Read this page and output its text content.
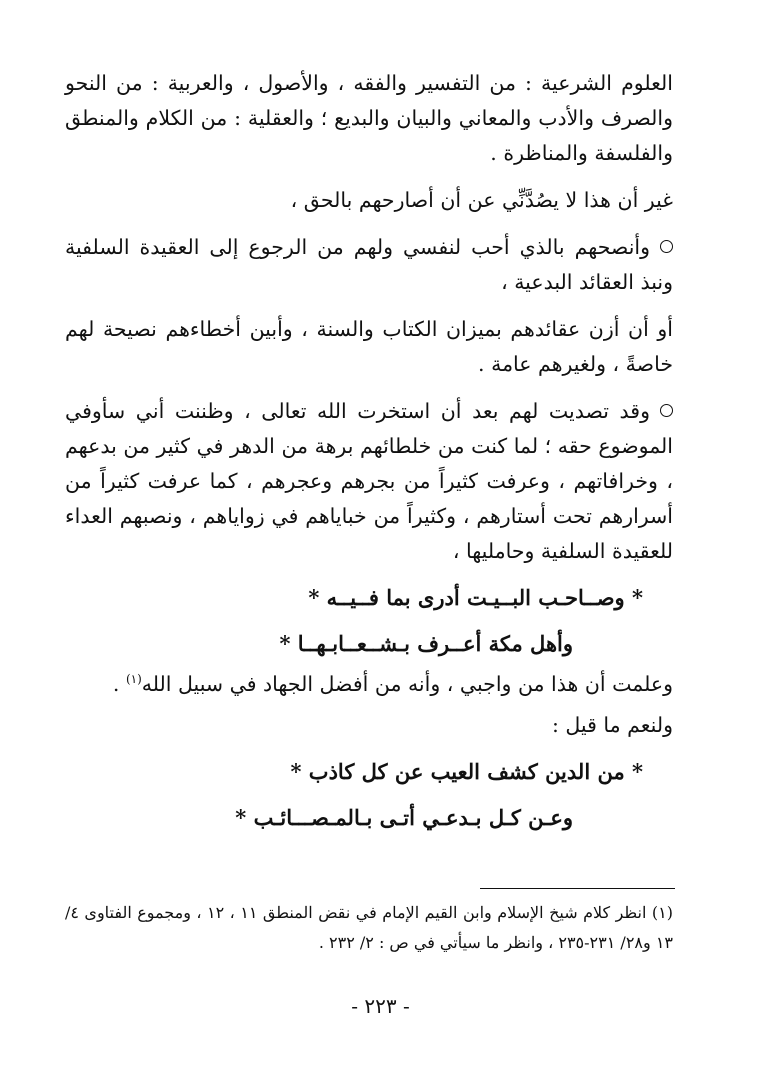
العلوم الشرعية : من التفسير والفقه ، والأصول ، والعربية : من النحو والصرف والأدب والمعاني والبيان والبديع ؛ والعقلية : من الكلام والمنطق والفلسفة والمناظرة .

غير أن هذا لا يصُدَّنِّي عن أن أصارحهم بالحق ،

وأنصحهم بالذي أحب لنفسي ولهم من الرجوع إلى العقيدة السلفية ونبذ العقائد البدعية ،

أو أن أزن عقائدهم بميزان الكتاب والسنة ، وأبين أخطاءهم نصيحة لهم خاصةً ، ولغيرهم عامة .

وقد تصديت لهم بعد أن استخرت الله تعالى ، وظننت أني سأوفي الموضوع حقه ؛ لما كنت من خلطائهم برهة من الدهر في كثير من بدعهم ، وخرافاتهم ، وعرفت كثيراً من بجرهم وعجرهم ، كما عرفت كثيراً من أسرارهم تحت أستارهم ، وكثيراً من خباياهم في زواياهم ، ونصبهم العداء للعقيدة السلفية وحامليها ،

* وصــاحـب البــيـت أدرى بما فــيــه *
وأهل مكة أعــرف بـشــعــابـهــا *

وعلمت أن هذا من واجبي ، وأنه من أفضل الجهاد في سبيل الله$^{(١)}$ .

ولنعم ما قيل :

* من الدين كشف العيب عن كل كاذب *
وعـن كـل بـدعـي أتـى بـالمـصـــائـب *
(١) انظر كلام شيخ الإسلام وابن القيم الإمام في نقض المنطق ١١ ، ١٢ ، ومجموع الفتاوى ٤/ ١٣ و٢٨/ ٢٣١-٢٣٥ ، وانظر ما سيأتي في ص : ٢/ ٢٣٢ .
- ٢٢٣ -
